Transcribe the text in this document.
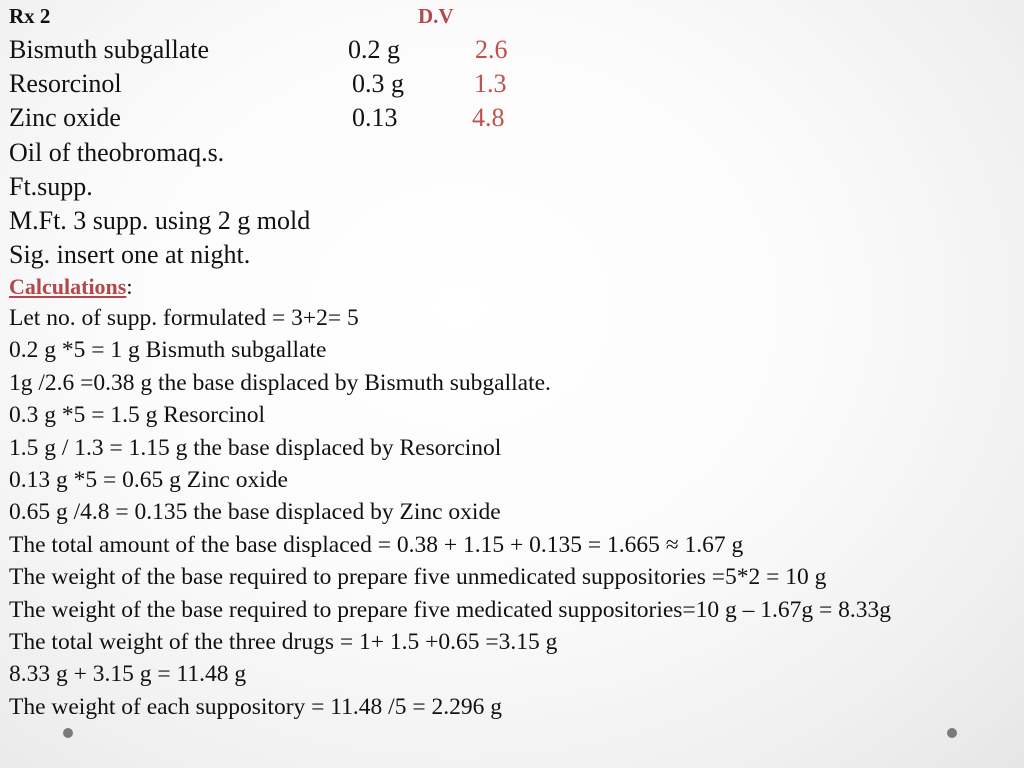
Rx 2	D.V
Bismuth subgallate	0.2 g	2.6
Resorcinol	0.3 g	1.3
Zinc oxide	0.13	4.8
Oil of theobromaq.s.
Ft.supp.
M.Ft. 3 supp. using 2 g mold
Sig. insert one at night.
Calculations:
Let no. of supp. formulated = 3+2= 5
0.2 g *5 = 1 g Bismuth subgallate
1g /2.6 =0.38 g the base displaced by Bismuth subgallate.
0.3 g *5 = 1.5 g Resorcinol
1.5 g / 1.3 = 1.15 g the base displaced by Resorcinol
0.13 g *5 = 0.65 g Zinc oxide
0.65 g /4.8 = 0.135 the base displaced by Zinc oxide
The total amount of the base displaced = 0.38 + 1.15 + 0.135 = 1.665 ≈ 1.67 g
The weight of the base required to prepare five unmedicated suppositories =5*2 = 10 g
The weight of the base required to prepare five medicated suppositories=10 g – 1.67g = 8.33g
The total weight of the three drugs = 1+ 1.5 +0.65 =3.15 g
8.33 g + 3.15 g = 11.48 g
The weight of each suppository = 11.48 /5 = 2.296 g
